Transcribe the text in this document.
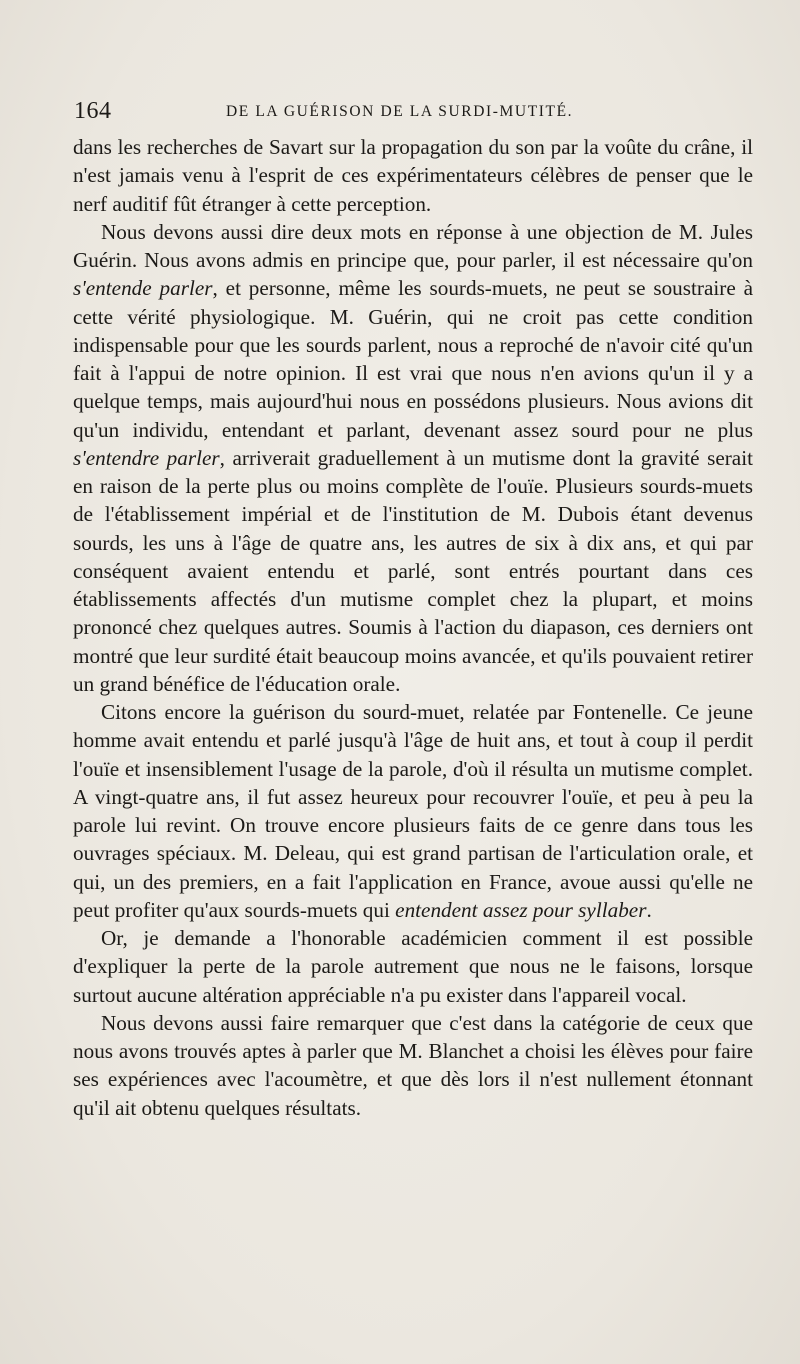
164	DE LA GUÉRISON DE LA SURDI-MUTITÉ.

dans les recherches de Savart sur la propagation du son par la voûte du crâne, il n'est jamais venu à l'esprit de ces expérimentateurs célèbres de penser que le nerf auditif fût étranger à cette perception.

Nous devons aussi dire deux mots en réponse à une objection de M. Jules Guérin. Nous avons admis en principe que, pour parler, il est nécessaire qu'on s'entende parler, et personne, même les sourds-muets, ne peut se soustraire à cette vérité physiologique. M. Guérin, qui ne croit pas cette condition indispensable pour que les sourds parlent, nous a reproché de n'avoir cité qu'un fait à l'appui de notre opinion. Il est vrai que nous n'en avions qu'un il y a quelque temps, mais aujourd'hui nous en possédons plusieurs. Nous avions dit qu'un individu, entendant et parlant, devenant assez sourd pour ne plus s'entendre parler, arriverait graduellement à un mutisme dont la gravité serait en raison de la perte plus ou moins complète de l'ouïe. Plusieurs sourds-muets de l'établissement impérial et de l'institution de M. Dubois étant devenus sourds, les uns à l'âge de quatre ans, les autres de six à dix ans, et qui par conséquent avaient entendu et parlé, sont entrés pourtant dans ces établissements affectés d'un mutisme complet chez la plupart, et moins prononcé chez quelques autres. Soumis à l'action du diapason, ces derniers ont montré que leur surdité était beaucoup moins avancée, et qu'ils pouvaient retirer un grand bénéfice de l'éducation orale.

Citons encore la guérison du sourd-muet, relatée par Fontenelle. Ce jeune homme avait entendu et parlé jusqu'à l'âge de huit ans, et tout à coup il perdit l'ouïe et insensiblement l'usage de la parole, d'où il résulta un mutisme complet. A vingt-quatre ans, il fut assez heureux pour recouvrer l'ouïe, et peu à peu la parole lui revint. On trouve encore plusieurs faits de ce genre dans tous les ouvrages spéciaux. M. Deleau, qui est grand partisan de l'articulation orale, et qui, un des premiers, en a fait l'application en France, avoue aussi qu'elle ne peut profiter qu'aux sourds-muets qui entendent assez pour syllaber.

Or, je demande a l'honorable académicien comment il est possible d'expliquer la perte de la parole autrement que nous ne le faisons, lorsque surtout aucune altération appréciable n'a pu exister dans l'appareil vocal.

Nous devons aussi faire remarquer que c'est dans la catégorie de ceux que nous avons trouvés aptes à parler que M. Blanchet a choisi les élèves pour faire ses expériences avec l'acoumètre, et que dès lors il n'est nullement étonnant qu'il ait obtenu quelques résultats.
